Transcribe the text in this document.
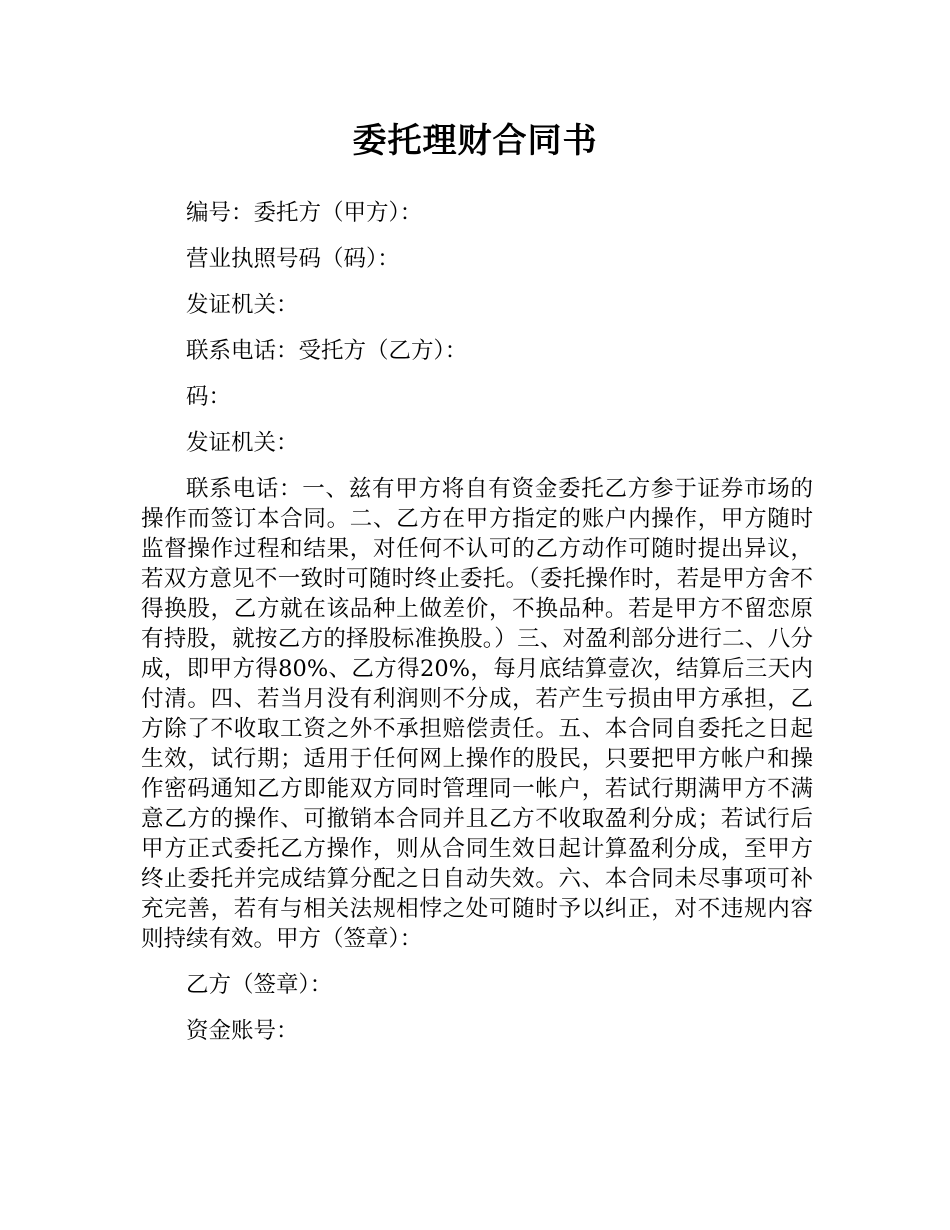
委托理财合同书

编号：委托方（甲方）：

营业执照号码（码）：

发证机关：

联系电话：受托方（乙方）：

码：

发证机关：

联系电话：一、兹有甲方将自有资金委托乙方参于证券市场的操作而签订本合同。二、乙方在甲方指定的账户内操作，甲方随时监督操作过程和结果，对任何不认可的乙方动作可随时提出异议，若双方意见不一致时可随时终止委托。（委托操作时，若是甲方舍不得换股，乙方就在该品种上做差价，不换品种。若是甲方不留恋原有持股，就按乙方的择股标准换股。）三、对盈利部分进行二、八分成，即甲方得80%、乙方得20%，每月底结算壹次，结算后三天内付清。四、若当月没有利润则不分成，若产生亏损由甲方承担，乙方除了不收取工资之外不承担赔偿责任。五、本合同自委托之日起生效，试行期；适用于任何网上操作的股民，只要把甲方帐户和操作密码通知乙方即能双方同时管理同一帐户，若试行期满甲方不满意乙方的操作、可撤销本合同并且乙方不收取盈利分成；若试行后甲方正式委托乙方操作，则从合同生效日起计算盈利分成，至甲方终止委托并完成结算分配之日自动失效。六、本合同未尽事项可补充完善，若有与相关法规相悖之处可随时予以纠正，对不违规内容则持续有效。甲方（签章）：

乙方（签章）：

资金账号：
